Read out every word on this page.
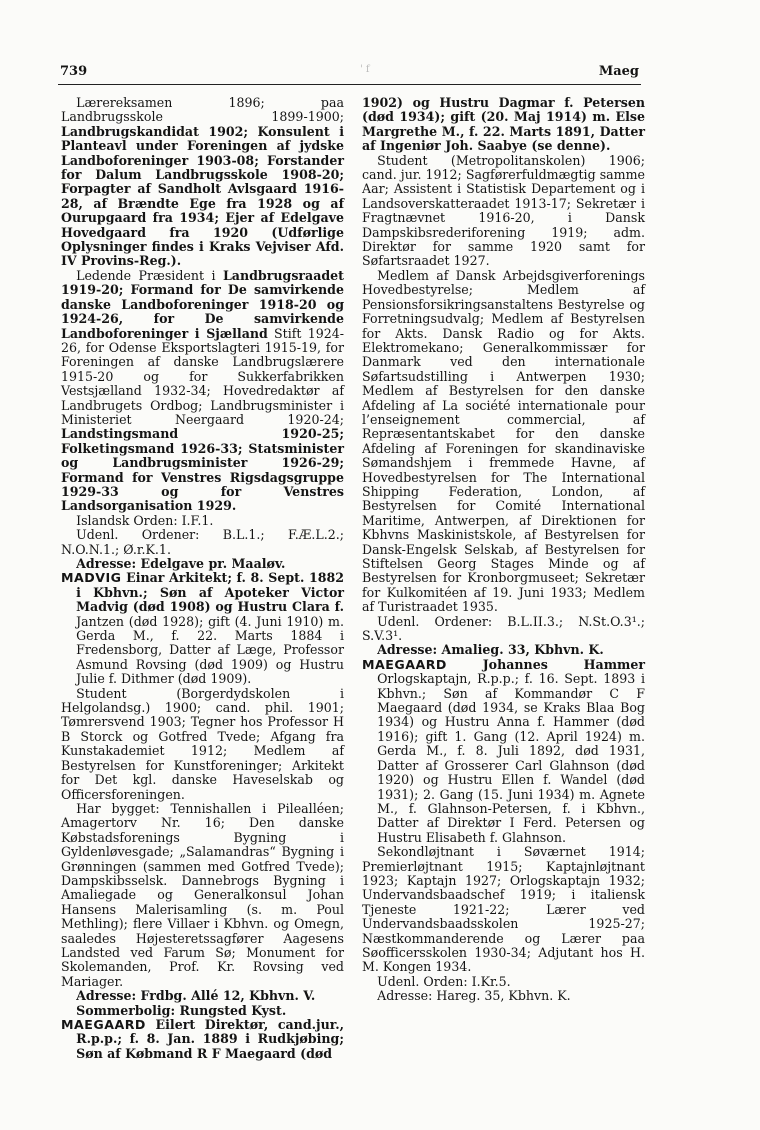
739	' f	Maeg

Lærereksamen 1896; paa Landbrugsskole 1899-1900; Landbrugskandidat 1902; Konsulent i Planteavl under Foreningen af jydske Landboforeninger 1903-08; Forstander for Dalum Landbrugsskole 1908-20; Forpagter af Sandholt Avlsgaard 1916-28, af Brændte Ege fra 1928 og af Ourupgaard fra 1934; Ejer af Edelgave Hovedgaard fra 1920 (Udførlige Oplysninger findes i Kraks Vejviser Afd. IV Provins-Reg.).

Ledende Præsident i Landbrugsraadet 1919-20; Formand for De samvirkende danske Landboforeninger 1918-20 og 1924-26, for De samvirkende Landboforeninger i Sjælland Stift 1924-26, for Odense Eksportslagteri 1915-19, for Foreningen af danske Landbrugslærere 1915-20 og for Sukkerfabrikken Vestsjælland 1932-34; Hovedredaktør af Landbrugets Ordbog; Landbrugsminister i Ministeriet Neergaard 1920-24; Landstingsmand 1920-25; Folketingsmand 1926-33; Statsminister og Landbrugsminister 1926-29; Formand for Venstres Rigsdagsgruppe 1929-33 og for Venstres Landsorganisation 1929.

Islandsk Orden: I.F.1.

Udenl. Ordener: B.L.1.; F.Æ.L.2.; N.O.N.1.; Ø.r.K.1.

Adresse: Edelgave pr. Maaløv.

MADVIG Einar Arkitekt; f. 8. Sept. 1882 i Kbhvn.; Søn af Apoteker Victor Madvig (død 1908) og Hustru Clara f. Jantzen (død 1928); gift (4. Juni 1910) m. Gerda M., f. 22. Marts 1884 i Fredensborg, Datter af Læge, Professor Asmund Rovsing (død 1909) og Hustru Julie f. Dithmer (død 1909).

Student (Borgerdydskolen i Helgolandsg.) 1900; cand. phil. 1901; Tømrersvend 1903; Tegner hos Professor H B Storck og Gotfred Tvede; Afgang fra Kunstakademiet 1912; Medlem af Bestyrelsen for Kunstforeninger; Arkitekt for Det kgl. danske Haveselskab og Officersforeningen.

Har bygget: Tennishallen i Pilealléen; Amagertorv Nr. 16; Den danske Købstadsforenings Bygning i Gyldenløvesgade; „Salamandras“ Bygning i Grønningen (sammen med Gotfred Tvede); Dampskibsselsk. Dannebrogs Bygning i Amaliegade og Generalkonsul Johan Hansens Malerisamling (s. m. Poul Methling); flere Villaer i Kbhvn. og Omegn, saaledes Højesteretssagfører Aagesens Landsted ved Farum Sø; Monument for Skolemanden, Prof. Kr. Rovsing ved Mariager.

Adresse: Frdbg. Allé 12, Kbhvn. V.

Sommerbolig: Rungsted Kyst.

MAEGAARD Eilert Direktør, cand.jur., R.p.p.; f. 8. Jan. 1889 i Rudkjøbing; Søn af Købmand R F Maegaard (død

1902) og Hustru Dagmar f. Petersen (død 1934); gift (20. Maj 1914) m. Else Margrethe M., f. 22. Marts 1891, Datter af Ingeniør Joh. Saabye (se denne).

Student (Metropolitanskolen) 1906; cand. jur. 1912; Sagførerfuldmægtig samme Aar; Assistent i Statistisk Departement og i Landsoverskatteraadet 1913-17; Sekretær i Fragtnævnet 1916-20, i Dansk Dampskibsrederiforening 1919; adm. Direktør for samme 1920 samt for Søfartsraadet 1927.

Medlem af Dansk Arbejdsgiverforenings Hovedbestyrelse; Medlem af Pensionsforsikringsanstaltens Bestyrelse og Forretningsudvalg; Medlem af Bestyrelsen for Akts. Dansk Radio og for Akts. Elektromekano; Generalkommissær for Danmark ved den internationale Søfartsudstilling i Antwerpen 1930; Medlem af Bestyrelsen for den danske Afdeling af La société internationale pour l’enseignement commercial, af Repræsentantskabet for den danske Afdeling af Foreningen for skandinaviske Sømandshjem i fremmede Havne, af Hovedbestyrelsen for The International Shipping Federation, London, af Bestyrelsen for Comité International Maritime, Antwerpen, af Direktionen for Kbhvns Maskinistskole, af Bestyrelsen for Dansk-Engelsk Selskab, af Bestyrelsen for Stiftelsen Georg Stages Minde og af Bestyrelsen for Kronborgmuseet; Sekretær for Kulkomitéen af 19. Juni 1933; Medlem af Turistraadet 1935.

Udenl. Ordener: B.L.II.3.; N.St.O.3¹.; S.V.3¹.

Adresse: Amalieg. 33, Kbhvn. K.

MAEGAARD Johannes Hammer Orlogskaptajn, R.p.p.; f. 16. Sept. 1893 i Kbhvn.; Søn af Kommandør C F Maegaard (død 1934, se Kraks Blaa Bog 1934) og Hustru Anna f. Hammer (død 1916); gift 1. Gang (12. April 1924) m. Gerda M., f. 8. Juli 1892, død 1931, Datter af Grosserer Carl Glahnson (død 1920) og Hustru Ellen f. Wandel (død 1931); 2. Gang (15. Juni 1934) m. Agnete M., f. Glahnson-Petersen, f. i Kbhvn., Datter af Direktør I Ferd. Petersen og Hustru Elisabeth f. Glahnson.

Sekondløjtnant i Søværnet 1914; Premierløjtnant 1915; Kaptajnløjtnant 1923; Kaptajn 1927; Orlogskaptajn 1932; Undervandsbaadschef 1919; i italiensk Tjeneste 1921-22; Lærer ved Undervandsbaadsskolen 1925-27; Næstkommanderende og Lærer paa Søofficersskolen 1930-34; Adjutant hos H. M. Kongen 1934.

Udenl. Orden: I.Kr.5.

Adresse: Hareg. 35, Kbhvn. K.
